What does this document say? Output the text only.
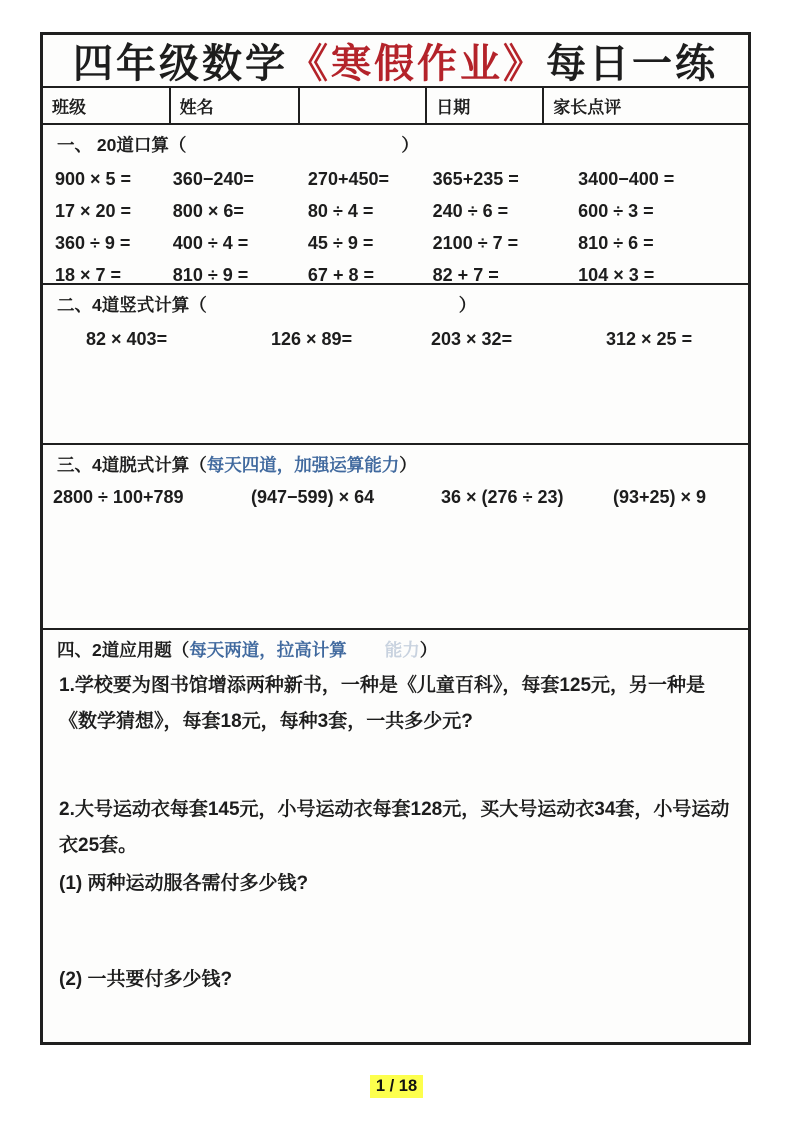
四年级数学 《寒假作业》 每日一练
班级	姓名	日期	家长点评
一、 20道口算（	）
900 × 5 =	360−240=	270+450=	365+235 =	3400−400 =
17 × 20 =	800 × 6=	80 ÷ 4 =	240 ÷ 6 =	600 ÷ 3 =
360 ÷ 9 =	400 ÷ 4 =	45 ÷ 9 =	2100 ÷ 7 =	810 ÷ 6 =
18 × 7 =	810 ÷ 9 =	67 + 8 =	82 + 7 =	104 × 3 =
二、4道竖式计算（	）
82 × 403=	126 × 89=	203 × 32=	312 × 25 =
三、4道脱式计算（每天四道，加强运算能力）
2800 ÷ 100+789	(947−599) × 64	36 × (276 ÷ 23)	(93+25) × 9
四、2道应用题（每天两道，拉高计算 能力）
1.学校要为图书馆增添两种新书，一种是《儿童百科》，每套125元，另一种是《数学猜想》，每套18元，每种3套，一共多少元?
2.大号运动衣每套145元，小号运动衣每套128元，买大号运动衣34套，小号运动衣25套。
(1) 两种运动服各需付多少钱?
(2) 一共要付多少钱?
1 / 18
